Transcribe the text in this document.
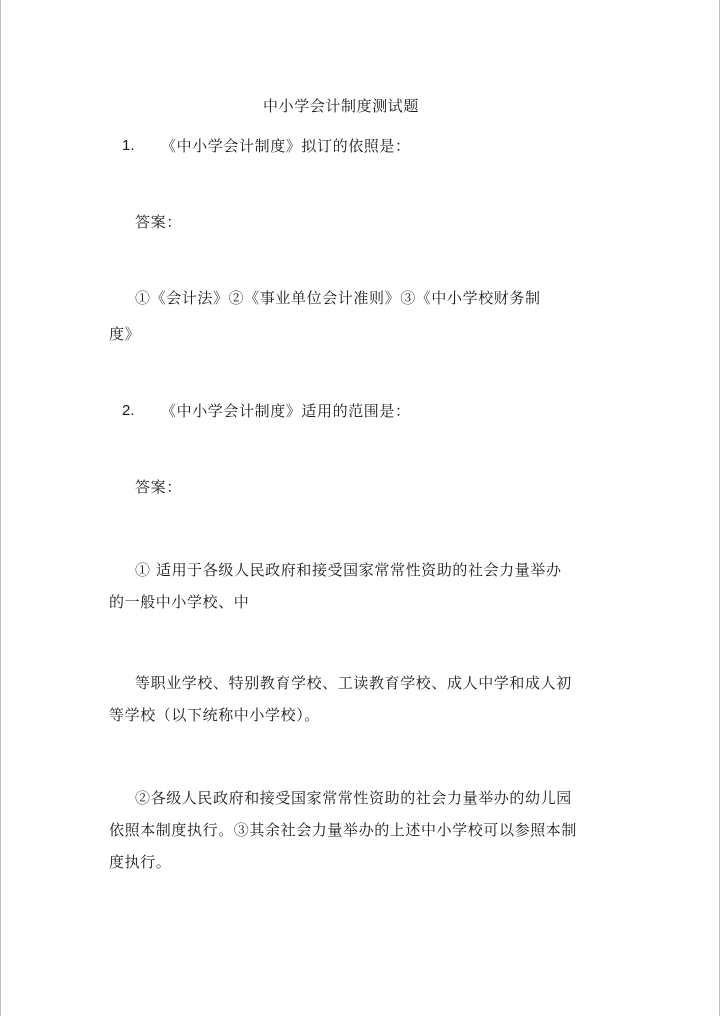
中小学会计制度测试题
1. 《中小学会计制度》拟订的依照是：
答案：
①《会计法》②《事业单位会计准则》③《中小学校财务制
度》
2. 《中小学会计制度》适用的范围是：
答案：
① 适用于各级人民政府和接受国家常常性资助的社会力量举办
的一般中小学校、中
等职业学校、特别教育学校、工读教育学校、成人中学和成人初
等学校（以下统称中小学校）。
②各级人民政府和接受国家常常性资助的社会力量举办的幼儿园
依照本制度执行。③其余社会力量举办的上述中小学校可以参照本制
度执行。
